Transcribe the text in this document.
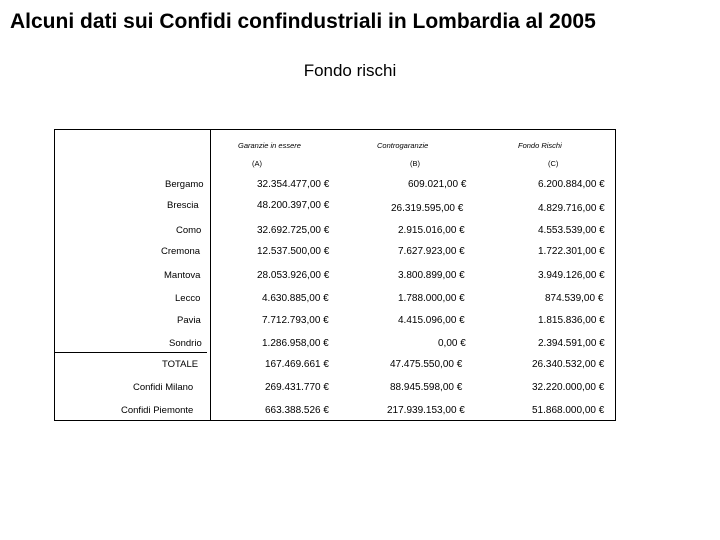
Alcuni dati sui Confidi confindustriali in Lombardia al 2005
Fondo rischi
Garanzie in essere	Controgaranzie	Fondo Rischi
(A)	(B)	(C)
Bergamo	32.354.477,00 €	609.021,00 €	6.200.884,00 €
Brescia	48.200.397,00 €	26.319.595,00 €	4.829.716,00 €
Como	32.692.725,00 €	2.915.016,00 €	4.553.539,00 €
Cremona	12.537.500,00 €	7.627.923,00 €	1.722.301,00 €
Mantova	28.053.926,00 €	3.800.899,00 €	3.949.126,00 €
Lecco	4.630.885,00 €	1.788.000,00 €	874.539,00 €
Pavia	7.712.793,00 €	4.415.096,00 €	1.815.836,00 €
Sondrio	1.286.958,00 €	0,00 €	2.394.591,00 €
TOTALE	167.469.661 €	47.475.550,00 €	26.340.532,00 €
Confidi Milano	269.431.770 €	88.945.598,00 €	32.220.000,00 €
Confidi Piemonte	663.388.526 €	217.939.153,00 €	51.868.000,00 €
